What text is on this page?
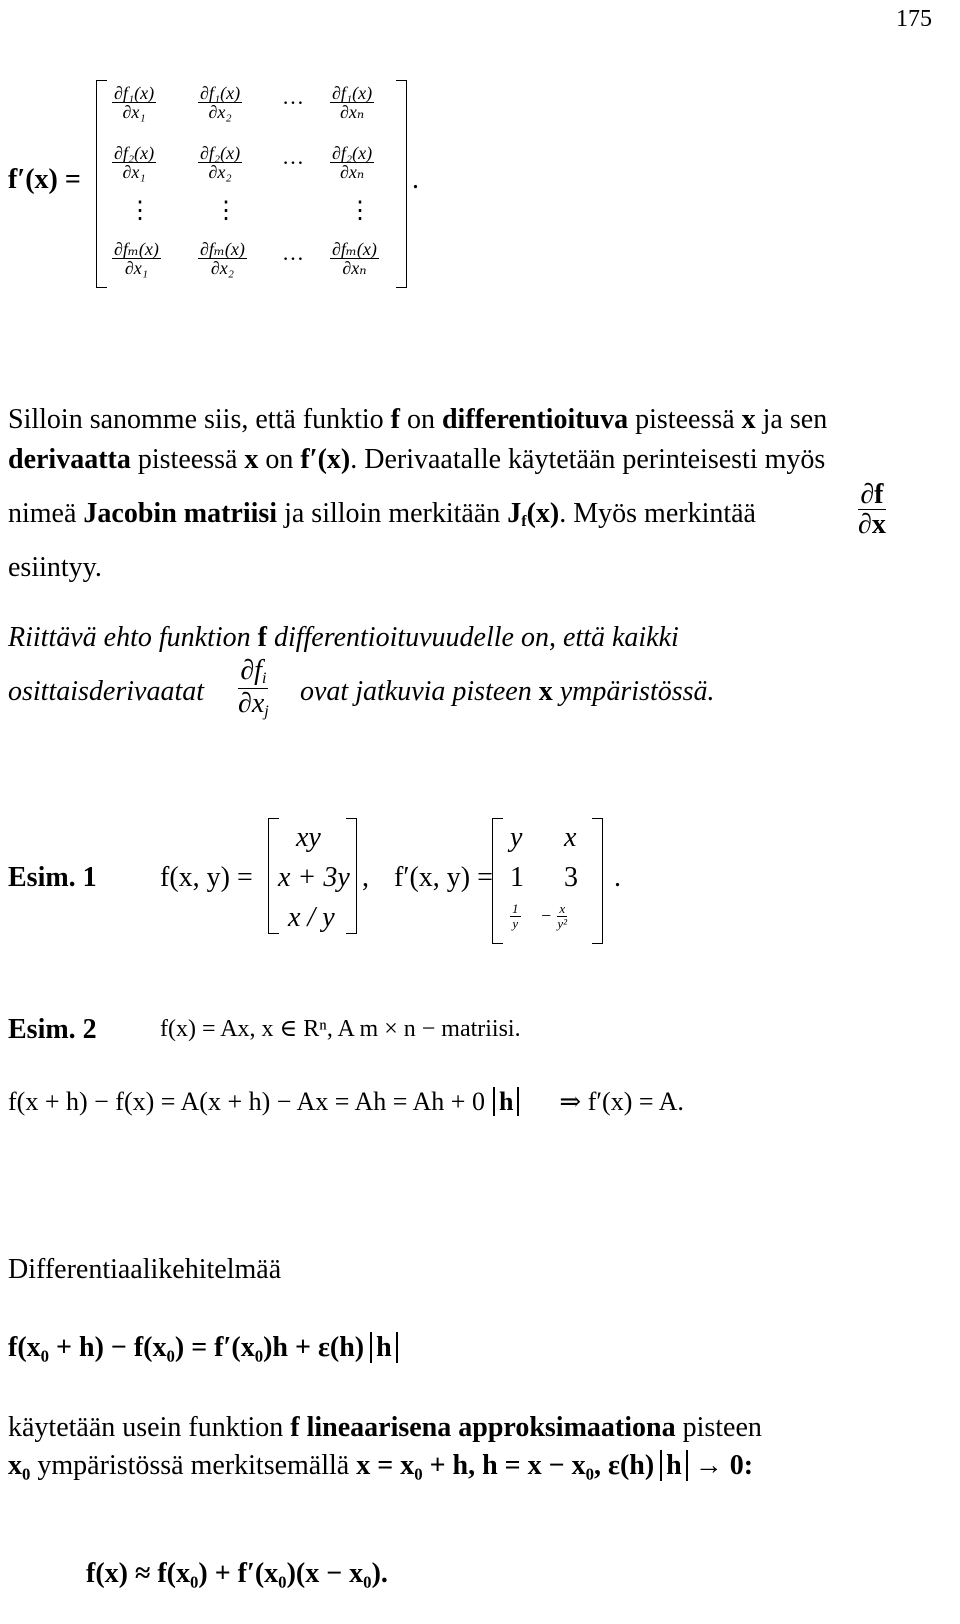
175
f′(x) =
$\frac{\text{∂f₁(x)}}{\text{∂x₁}} \frac{\text{∂f₁(x)}}{\text{∂x₂}}$ … $\frac{\text{∂f₁(x)}}{\text{∂xₙ}}$
$\frac{\text{∂f₂(x)}}{\text{∂x₁}} \frac{\text{∂f₂(x)}}{\text{∂x₂}}$ … $\frac{\text{∂f₂(x)}}{\text{∂xₙ}}$
⋮	⋮	⋮
$\frac{\text{∂fₘ(x)}}{\text{∂x₁}} \frac{\text{∂fₘ(x)}}{\text{∂x₂}}$ … $\frac{\text{∂fₘ(x)}}{\text{∂xₙ}}$
.
Silloin sanomme siis, että funktio f on differentioituva pisteessä x ja sen
derivaatta pisteessä x on f′(x). Derivaatalle käytetään perinteisesti myös
nimeä Jacobin matriisi ja silloin merkitään $J_f(x)$. Myös merkintää	$\frac{\partial f}{\partial x}$
esiintyy.
Riittävä ehto funktion f differentioituvuudelle on, että kaikki
osittaisderivaatat $\frac{\partial f_i}{\partial x_j}$ ovat jatkuvia pisteen x ympäristössä.
Esim. 1 f(x, y) =
xy
x + 3y
x / y
, f′(x, y) =
y x
1 3
$\frac{1}{y} - \frac{x}{\text{y²}}$
.
Esim. 2	f(x) = Ax, x ∈ Rⁿ, A m × n − matriisi.
f(x + h) − f(x) = A(x + h) − Ax = Ah = Ah + 0 h ⇒ f′(x) = A.
Differentiaalikehitelmää
f(x₀ + h) − f(x₀) = f′(x₀)h + ε(h) h
käytetään usein funktion f lineaarisena approksimaationa pisteen
x₀ ympäristössä merkitsemällä x = x₀ + h, h = x − x₀, ε(h) h → 0:
f(x) ≈ f(x₀) + f′(x₀)(x − x₀).
